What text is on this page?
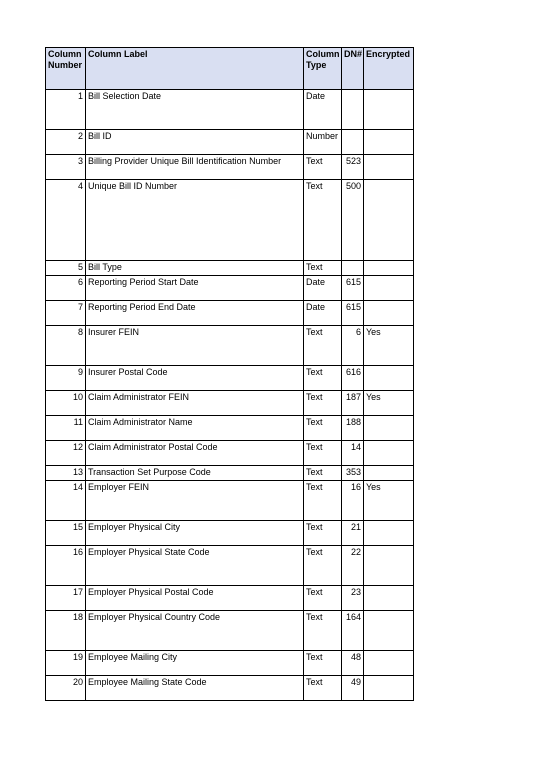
Column Number	Column Label	Column Type	DN#	Encrypted
1	Bill Selection Date	Date		
2	Bill ID	Number		
3	Billing Provider Unique Bill Identification Number	Text	523	
4	Unique Bill ID Number	Text	500	
5	Bill Type	Text		
6	Reporting Period Start Date	Date	615	
7	Reporting Period End Date	Date	615	
8	Insurer FEIN	Text	6	Yes
9	Insurer Postal Code	Text	616	
10	Claim Administrator FEIN	Text	187	Yes
11	Claim Administrator Name	Text	188	
12	Claim Administrator Postal Code	Text	14	
13	Transaction Set Purpose Code	Text	353	
14	Employer FEIN	Text	16	Yes
15	Employer Physical City	Text	21	
16	Employer Physical State Code	Text	22	
17	Employer Physical Postal Code	Text	23	
18	Employer Physical Country Code	Text	164	
19	Employee Mailing City	Text	48	
20	Employee Mailing State Code	Text	49	
